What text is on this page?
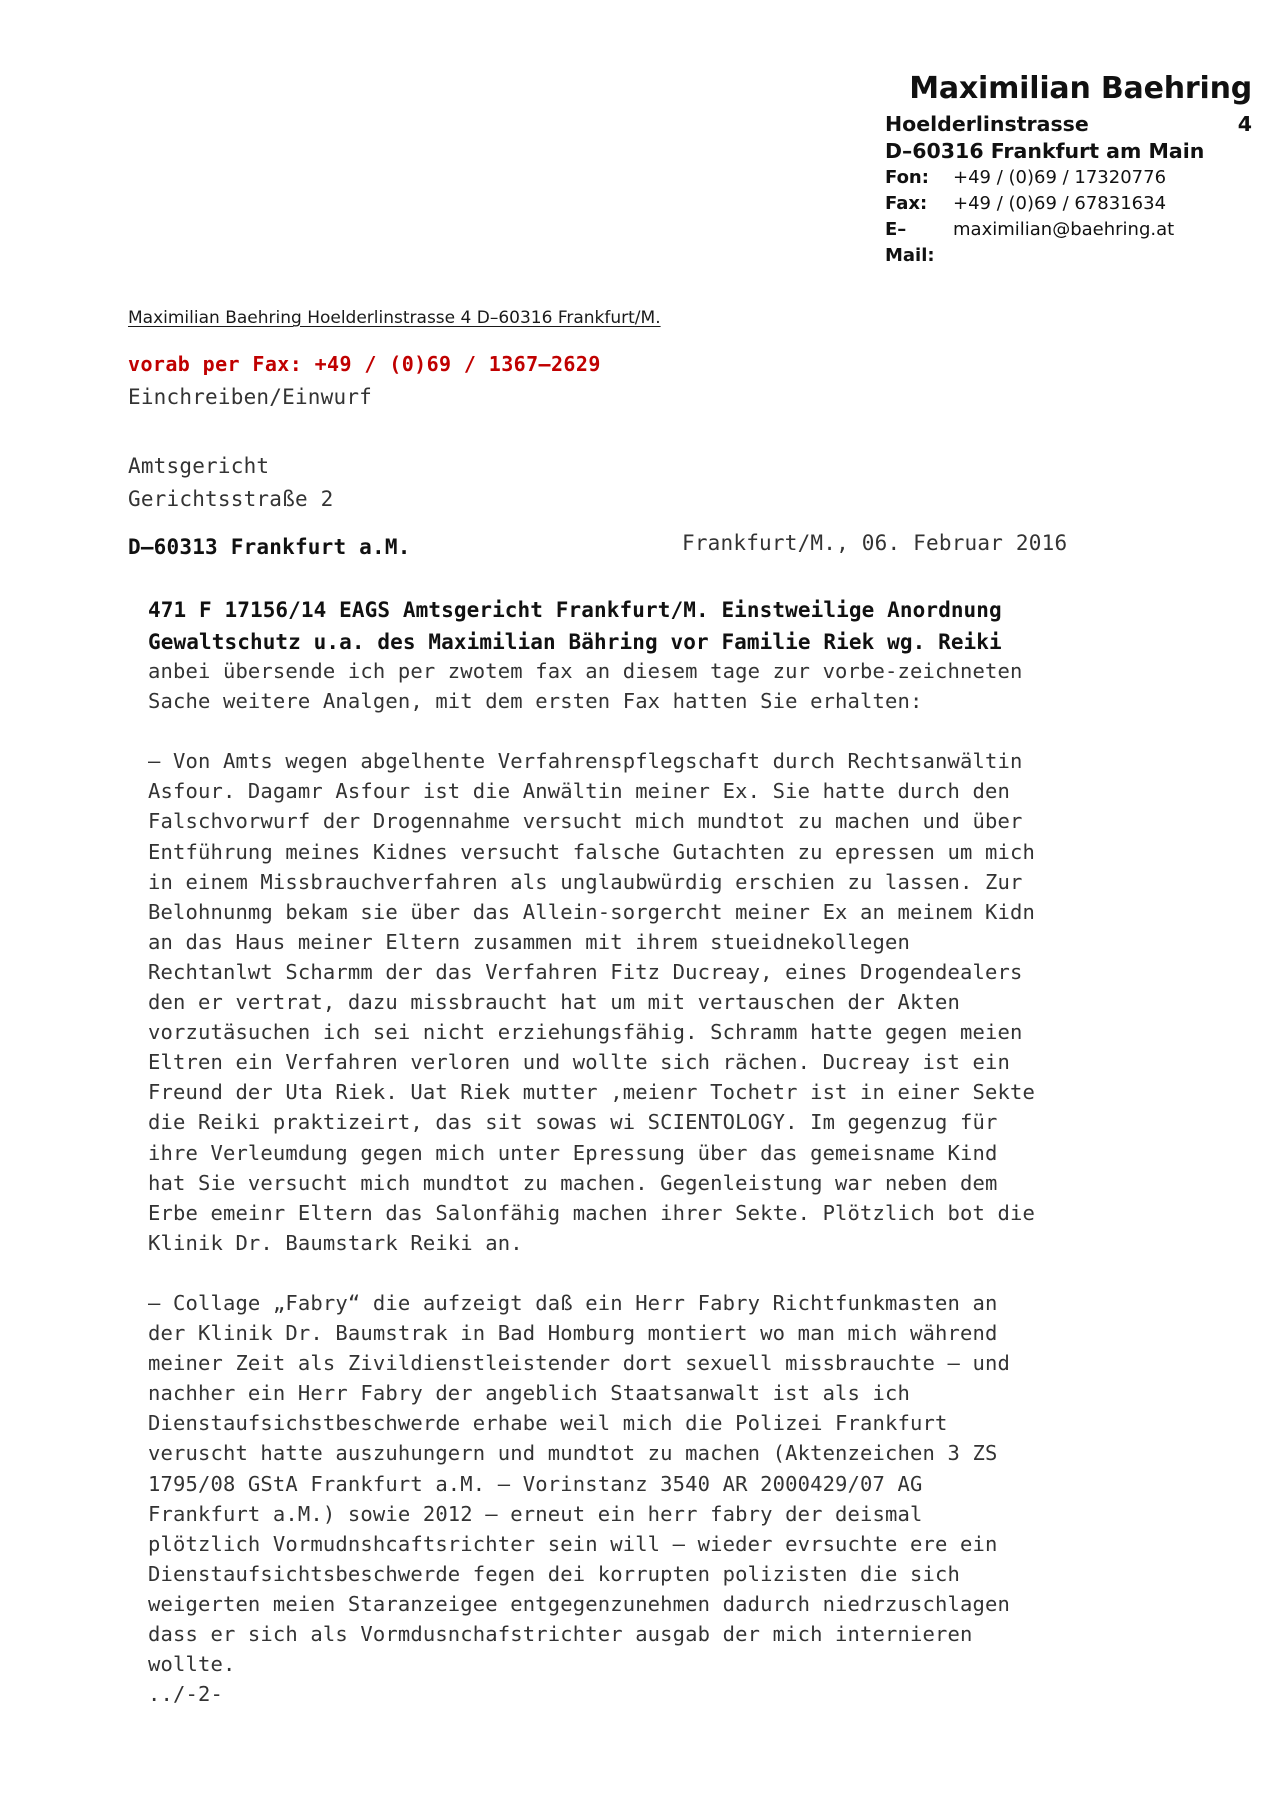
Maximilian Baehring
Hoelderlinstrasse	4
D–60316 Frankfurt am Main
Fon:	+49 / (0)69 / 17320776
Fax:	+49 / (0)69 / 67831634
E–Mail:
maximilian@baehring.at
Maximilian Baehring Hoelderlinstrasse 4 D–60316 Frankfurt/M.
vorab per Fax: +49 / (0)69 / 1367–2629
Einchreiben/Einwurf
Amtsgericht
Gerichtsstraße 2
D–60313 Frankfurt a.M.	Frankfurt/M., 06. Februar 2016
471 F 17156/14 EAGS Amtsgericht Frankfurt/M. Einstweilige Anordnung
Gewaltschutz u.a. des Maximilian Bähring vor Familie Riek wg. Reiki

anbei übersende ich per zwotem fax an diesem tage zur vorbe-zeichneten
Sache weitere Analgen, mit dem ersten Fax hatten Sie erhalten:

– Von Amts wegen abgelhente Verfahrenspflegschaft durch Rechtsanwältin
Asfour. Dagamr Asfour ist die Anwältin meiner Ex. Sie hatte durch den
Falschvorwurf der Drogennahme versucht mich mundtot zu machen und über
Entführung meines Kidnes versucht falsche Gutachten zu epressen um mich
in einem Missbrauchverfahren als unglaubwürdig erschien zu lassen. Zur
Belohnunmg bekam sie über das Allein-sorgercht meiner Ex an meinem Kidn
an das Haus meiner Eltern zusammen mit ihrem stueidnekollegen
Rechtanlwt Scharmm der das Verfahren Fitz Ducreay, eines Drogendealers
den er vertrat, dazu missbraucht hat um mit vertauschen der Akten
vorzutäsuchen ich sei nicht erziehungsfähig. Schramm hatte gegen meien
Eltren ein Verfahren verloren und wollte sich rächen. Ducreay ist ein
Freund der Uta Riek. Uat Riek mutter ,meienr Tochetr ist in einer Sekte
die Reiki praktizeirt, das sit sowas wi SCIENTOLOGY. Im gegenzug für
ihre Verleumdung gegen mich unter Epressung über das gemeisname Kind
hat Sie versucht mich mundtot zu machen. Gegenleistung war neben dem
Erbe emeinr Eltern das Salonfähig machen ihrer Sekte. Plötzlich bot die
Klinik Dr. Baumstark Reiki an.

– Collage „Fabry“ die aufzeigt daß ein Herr Fabry Richtfunkmasten an
der Klinik Dr. Baumstrak in Bad Homburg montiert wo man mich während
meiner Zeit als Zivildienstleistender dort sexuell missbrauchte – und
nachher ein Herr Fabry der angeblich Staatsanwalt ist als ich
Dienstaufsichstbeschwerde erhabe weil mich die Polizei Frankfurt
veruscht hatte auszuhungern und mundtot zu machen (Aktenzeichen 3 ZS
1795/08 GStA Frankfurt a.M. – Vorinstanz 3540 AR 2000429/07 AG
Frankfurt a.M.) sowie 2012 – erneut ein herr fabry der deismal
plötzlich Vormudnshcaftsrichter sein will – wieder evrsuchte ere ein
Dienstaufsichtsbeschwerde fegen dei korrupten polizisten die sich
weigerten meien Staranzeigee entgegenzunehmen dadurch niedrzuschlagen
dass er sich als Vormdusnchafstrichter ausgab der mich internieren
wollte.
../-2-
